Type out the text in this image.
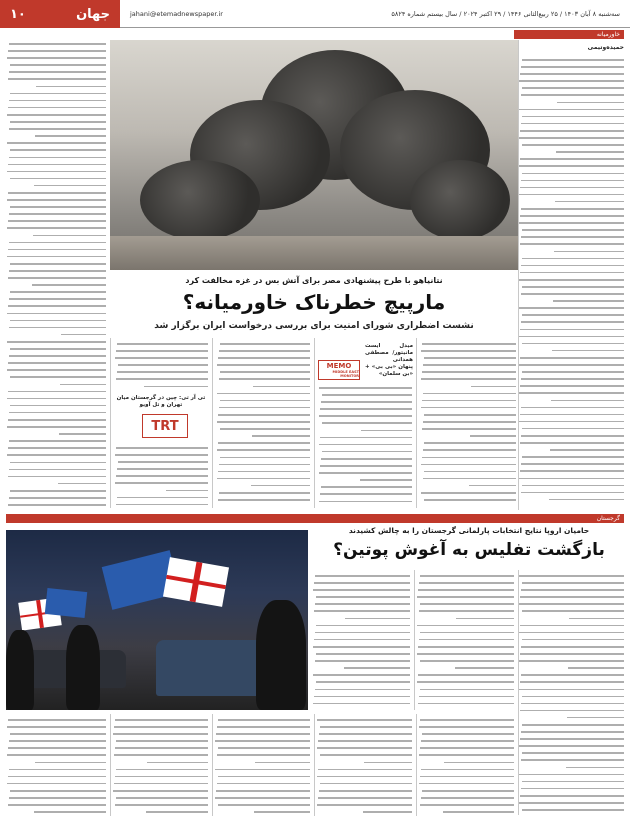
سه‌شنبه ۸ آبان ۱۴۰۳ / ۲۵ ربیع‌الثانی ۱۴۴۶ / ۲۹ اکتبر ۲۰۲۴ / سال بیستم شماره ۵۸۲۴
jahani@etemadnewspaper.ir
جهان
۱۰
خاورمیانه
گرجستان
حمیده‌وتیمی
نتانیاهو با طرح پیشنهادی مصر برای آتش بس در غزه مخالفت کرد
مارپیچ خطرناک خاورمیانه؟
نشست اضطراری شورای امنیت برای بررسی درخواست ایران برگزار شد
MEMO
MIDDLE EAST MONITOR
میدل ایست مانیتور/ مصطفی همدانی
پنهان «بی بی» + «بن سلمان»
TRT
تی آر تی: چین در گرجستان میان
تهران و تل آویو
حامیان اروپا نتایج انتخابات پارلمانی گرجستان را به چالش کشیدند
بازگشت تفلیس به آغوش پوتین؟
